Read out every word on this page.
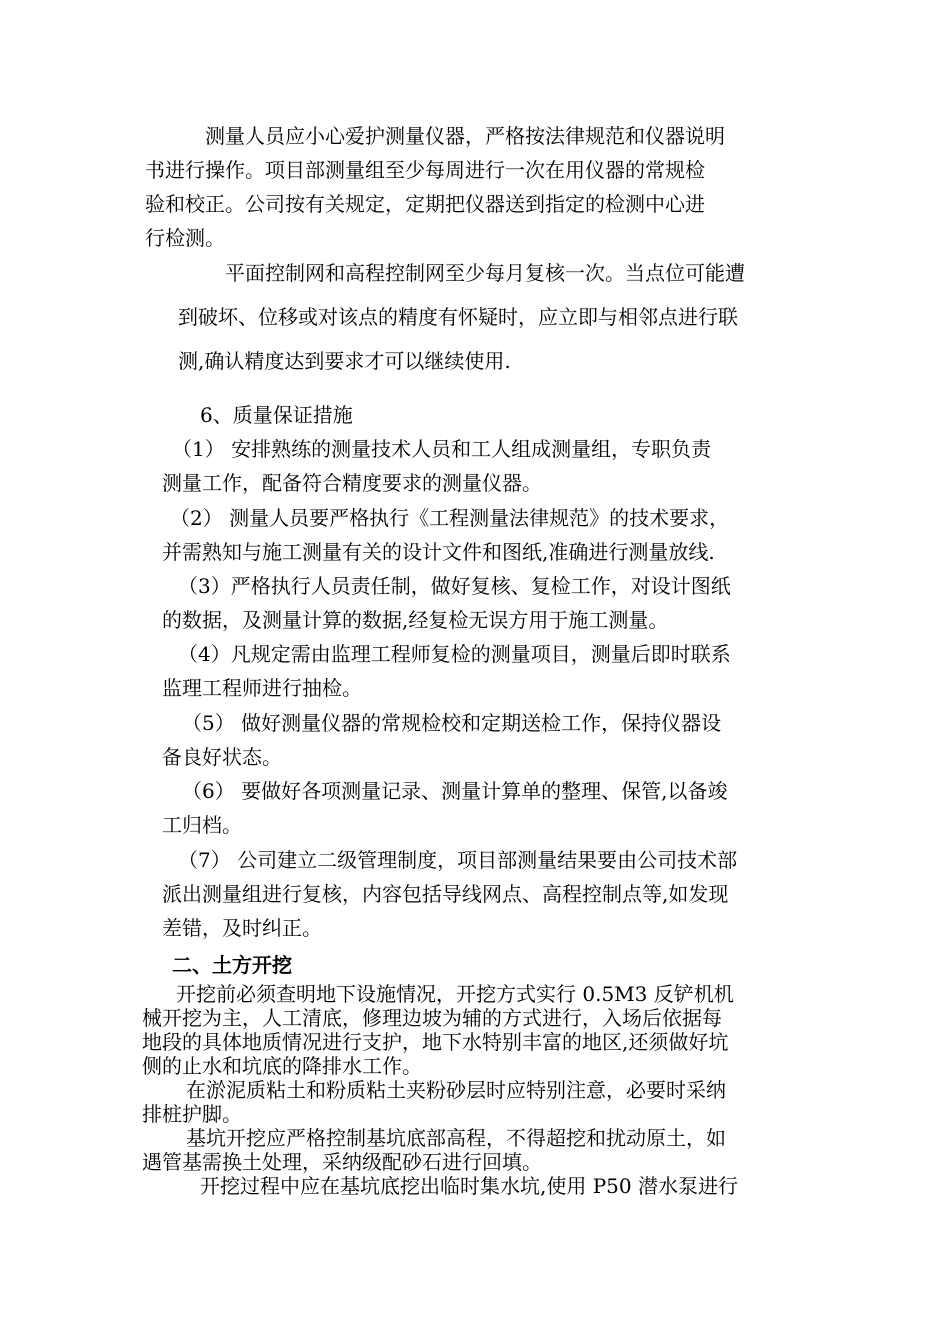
测量人员应小心爱护测量仪器，严格按法律规范和仪器说明
书进行操作。项目部测量组至少每周进行一次在用仪器的常规检
验和校正。公司按有关规定，定期把仪器送到指定的检测中心进
行检测。
平面控制网和高程控制网至少每月复核一次。当点位可能遭
到破坏、位移或对该点的精度有怀疑时，应立即与相邻点进行联
测,确认精度达到要求才可以继续使用.
6、质量保证措施
（1） 安排熟练的测量技术人员和工人组成测量组，专职负责
测量工作，配备符合精度要求的测量仪器。
（2） 测量人员要严格执行《工程测量法律规范》的技术要求，
并需熟知与施工测量有关的设计文件和图纸,准确进行测量放线.
（3）严格执行人员责任制，做好复核、复检工作，对设计图纸
的数据，及测量计算的数据,经复检无误方用于施工测量。
（4）凡规定需由监理工程师复检的测量项目，测量后即时联系
监理工程师进行抽检。
（5） 做好测量仪器的常规检校和定期送检工作，保持仪器设
备良好状态。
（6） 要做好各项测量记录、测量计算单的整理、保管,以备竣
工归档。
（7） 公司建立二级管理制度，项目部测量结果要由公司技术部
派出测量组进行复核，内容包括导线网点、高程控制点等,如发现
差错，及时纠正。
二、土方开挖
开挖前必须查明地下设施情况，开挖方式实行 0.5M3 反铲机机
械开挖为主，人工清底，修理边坡为辅的方式进行，入场后依据每
地段的具体地质情况进行支护，地下水特别丰富的地区,还须做好坑
侧的止水和坑底的降排水工作。
在淤泥质粘土和粉质粘土夹粉砂层时应特别注意，必要时采纳
排桩护脚。
基坑开挖应严格控制基坑底部高程，不得超挖和扰动原土，如
遇管基需换土处理，采纳级配砂石进行回填。
开挖过程中应在基坑底挖出临时集水坑,使用 P50 潜水泵进行
